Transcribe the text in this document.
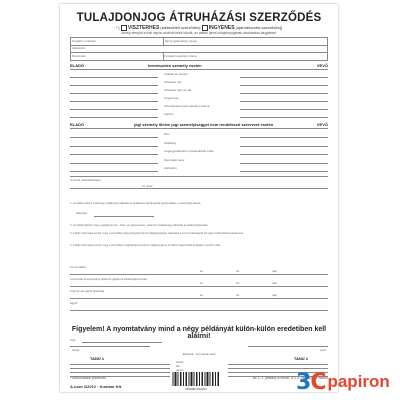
TULAJDONJOG ÁTRUHÁZÁSI SZERZŐDÉS
* [ VISZTERHES (adásvételi szerződés) INGYENES (ajándékozási szerződés)]
Amely létrejött a mai napon alulírott felek között, az alábbi jármű tulajdonjogának átruházása tárgyában:
Forgalmi rendszám	Jármű gyártmánya, típusa
Alvázszám	
Motorszám	Forgalmi engedély száma
ELADÓ	természetes személy esetén	VEVŐ
Családi és utónév
Születési név
Születési hely és idő
Anyja neve
Személyazonosító okmány száma
Lakcím
ELADÓ	jogi személy illetve jogi személyiséggel nem rendelkező szervezet esetén	VEVŐ
Név
Székhely
Cégjegyzékszám/ nyilvántartási szám
Képviselő neve
Adószám
A jármű vételára/értéke:
Ft, azaz
1. Az eladó a jármű a jelenlegi, tulajdonjog változást is tartalmazó okmányaival együtt átadta, a vevő pedig átvette.
Időpontja:
2. Az eladó kijelenti, hogy a gépjármű per-, teher- és igénymentes, valamint a tulajdonjog-változást az eladó bejelentette.
3. A felek tudomásul veszik, hogy a szerződés tárgyát képező jármű tulajdonjogának változását a vevő a hatóságnál 15 napon belül köteles bejelenteni.
4. A felek tudomásul veszik, hogy a szerződés megkötésével a jármű tulajdonjoga és az ahhoz kapcsolódó kockázat a vevőre száll.
Km óra állása
év	hó	nap
A biztosítás érvényessége (kötelező gépjármű-felelősségbiztosítás)
év	hó	nap
A jármű más egyéb tartozékai
év	hó	nap
Egyéb
Figyelem! A nyomtatvány mind a négy példányát külön-külön eredetiben kell aláírni!
Kelt
eladó	vevő
Előttünk, mint tanúk előtt
TANÚ 1	TANÚ 2
Aláírás
Név
Lakcím
* Aláhúzással jelölendő
A.nont 3/2012 · Kumkar Kft.
Az 1.-2. példány a vevőé, a 3.-4. példány az eladóé
5999861012561	3C papiron
